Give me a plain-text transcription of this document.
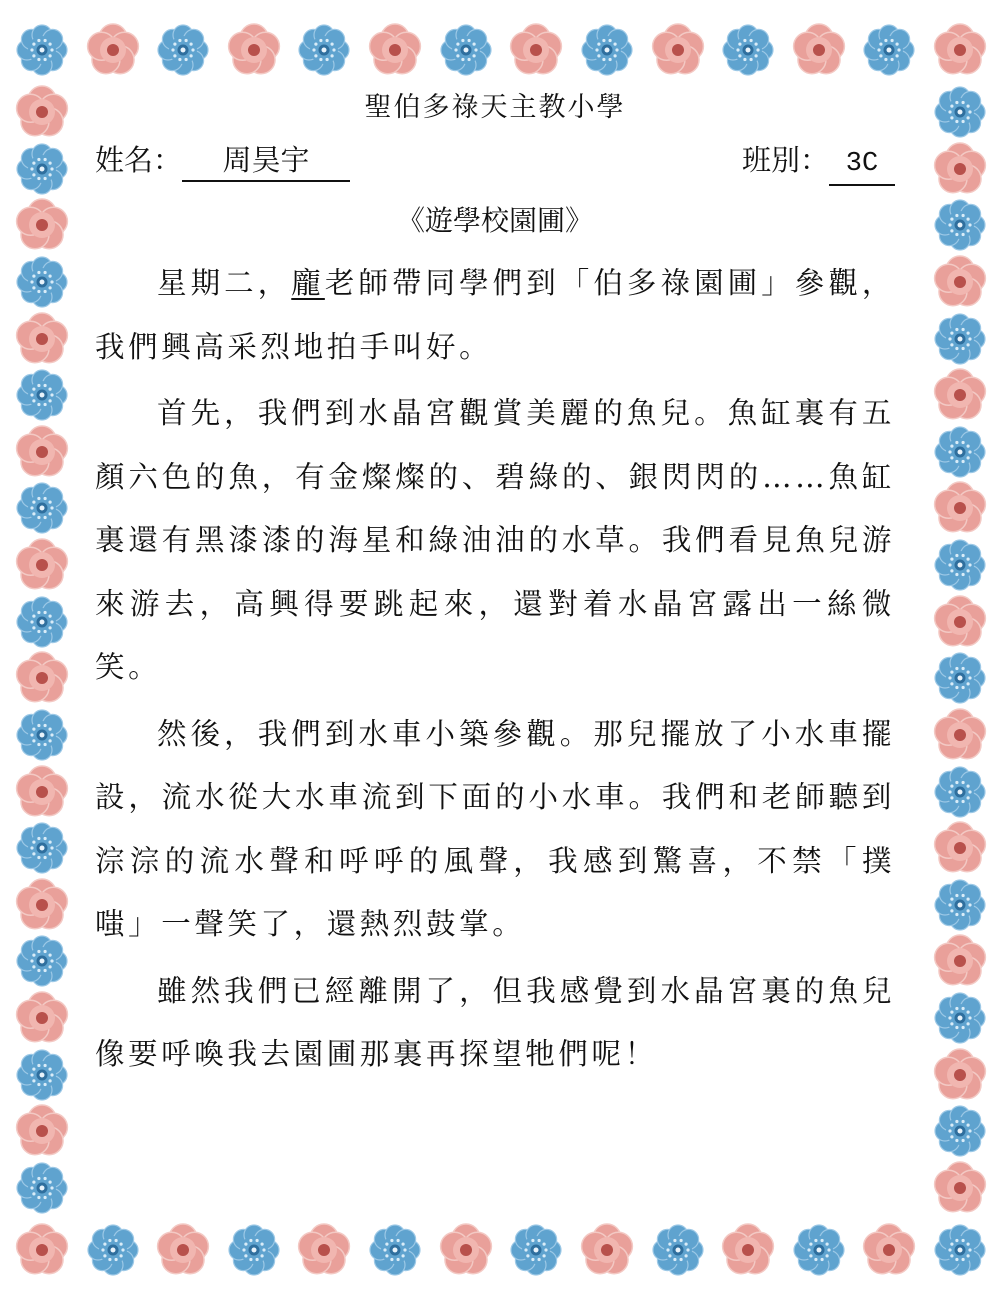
聖伯多祿天主教小學
姓名： 周昊宇	班別： 3C
《遊學校園圃》

星期二，龐老師帶同學們到「伯多祿園圃」參觀，我們興高采烈地拍手叫好。

首先，我們到水晶宮觀賞美麗的魚兒。魚缸裏有五顏六色的魚，有金燦燦的、碧綠的、銀閃閃的……魚缸裏還有黑漆漆的海星和綠油油的水草。我們看見魚兒游來游去，高興得要跳起來，還對着水晶宮露出一絲微笑。

然後，我們到水車小築參觀。那兒擺放了小水車擺設，流水從大水車流到下面的小水車。我們和老師聽到淙淙的流水聲和呼呼的風聲，我感到驚喜，不禁「撲嗤」一聲笑了，還熱烈鼓掌。

雖然我們已經離開了，但我感覺到水晶宮裏的魚兒像要呼喚我去園圃那裏再探望牠們呢！
